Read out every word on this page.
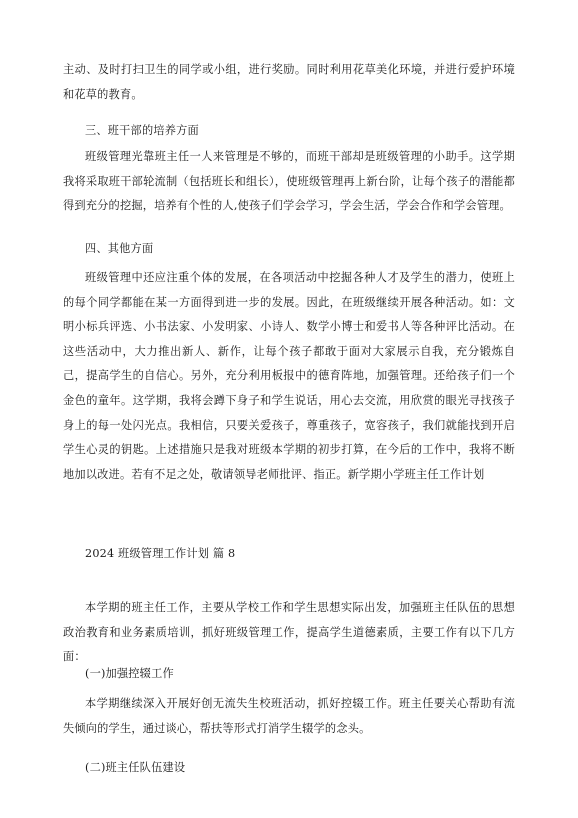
主动、及时打扫卫生的同学或小组，进行奖励。同时利用花草美化环境，并进行爱护环境和花草的教育。

三、班干部的培养方面

班级管理光靠班主任一人来管理是不够的，而班干部却是班级管理的小助手。这学期我将采取班干部轮流制（包括班长和组长），使班级管理再上新台阶，让每个孩子的潜能都得到充分的挖掘，培养有个性的人,使孩子们学会学习，学会生活，学会合作和学会管理。

四、其他方面

班级管理中还应注重个体的发展，在各项活动中挖掘各种人才及学生的潜力，使班上的每个同学都能在某一方面得到进一步的发展。因此，在班级继续开展各种活动。如：文明小标兵评选、小书法家、小发明家、小诗人、数学小博士和爱书人等各种评比活动。在这些活动中，大力推出新人、新作，让每个孩子都敢于面对大家展示自我，充分锻炼自己，提高学生的自信心。另外，充分利用板报中的德育阵地，加强管理。还给孩子们一个金色的童年。这学期，我将会蹲下身子和学生说话，用心去交流，用欣赏的眼光寻找孩子身上的每一处闪光点。我相信，只要关爱孩子，尊重孩子，宽容孩子，我们就能找到开启学生心灵的钥匙。上述措施只是我对班级本学期的初步打算，在今后的工作中，我将不断地加以改进。若有不足之处，敬请领导老师批评、指正。新学期小学班主任工作计划

2024 班级管理工作计划 篇 8

本学期的班主任工作，主要从学校工作和学生思想实际出发，加强班主任队伍的思想政治教育和业务素质培训，抓好班级管理工作，提高学生道德素质，主要工作有以下几方面：

(一)加强控辍工作

本学期继续深入开展好创无流失生校班活动，抓好控辍工作。班主任要关心帮助有流失倾向的学生，通过谈心，帮扶等形式打消学生辍学的念头。

(二)班主任队伍建设
